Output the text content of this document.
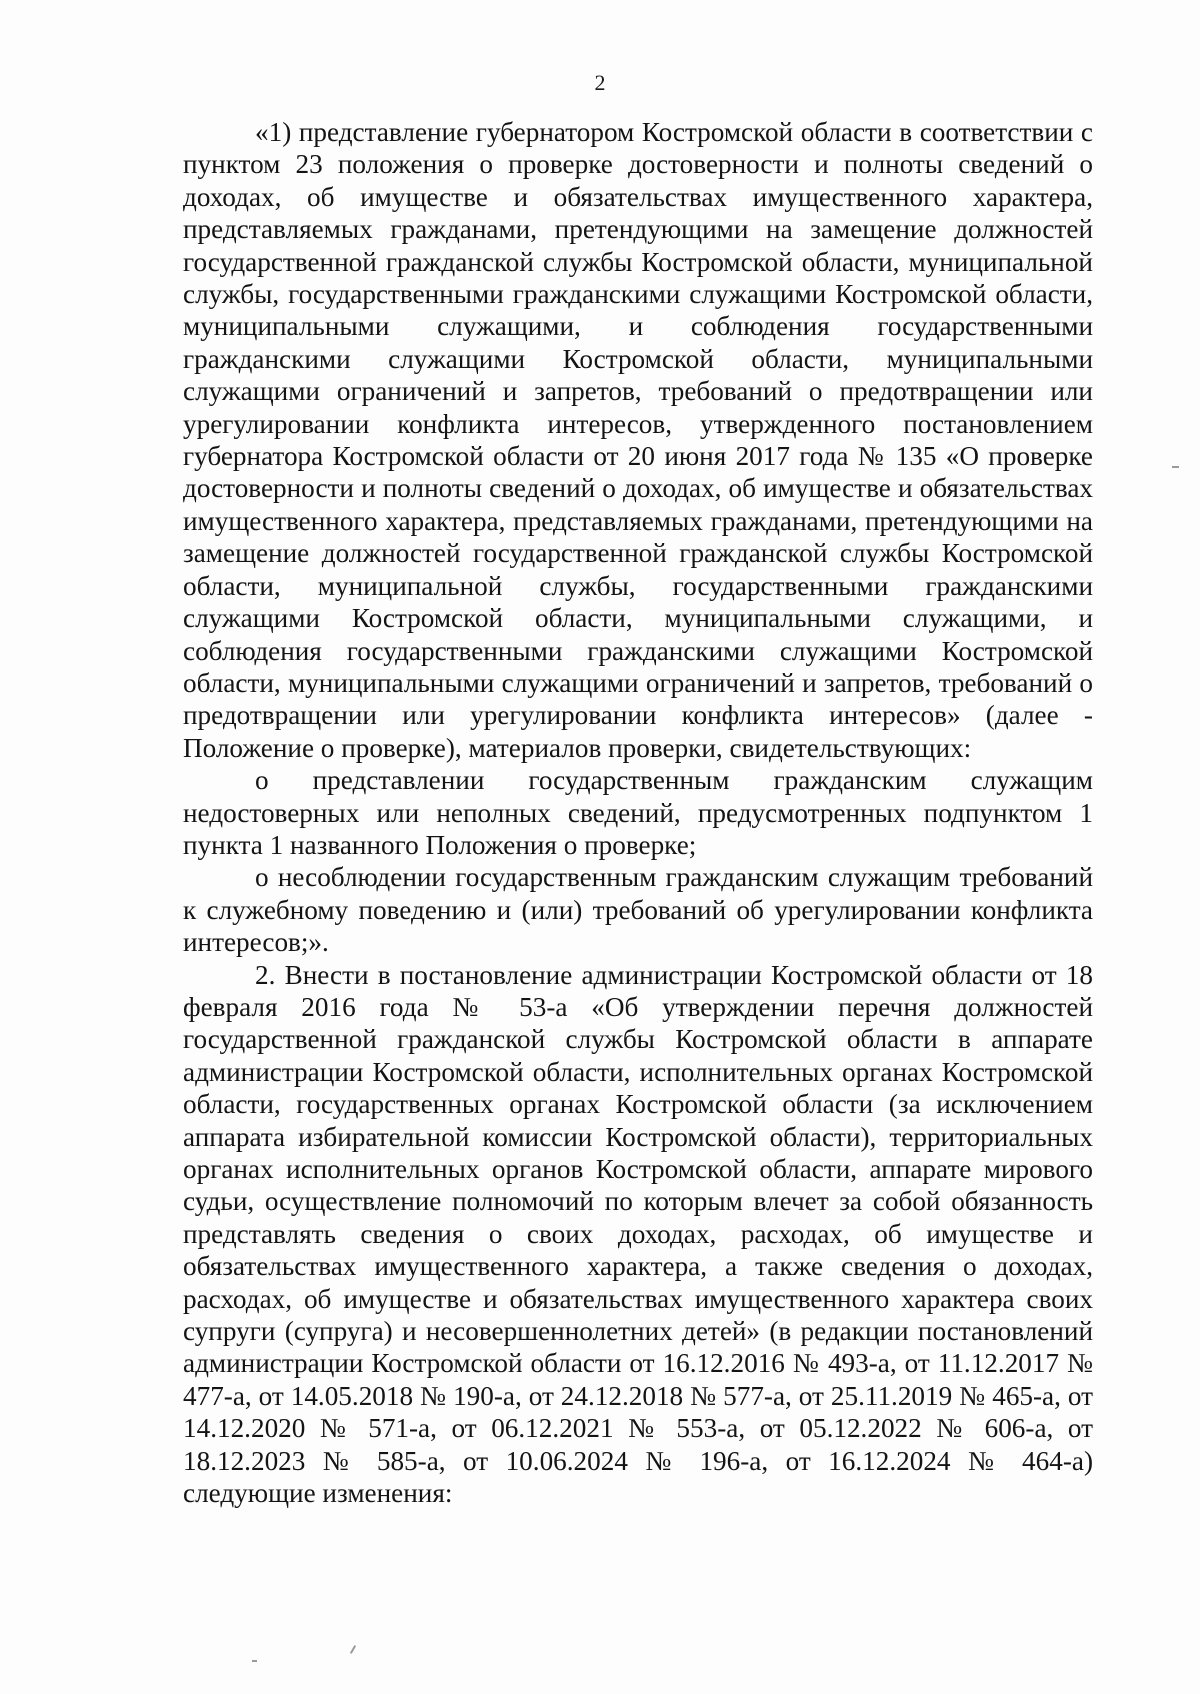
2

«1) представление губернатором Костромской области в соответствии с пунктом 23 положения о проверке достоверности и полноты сведений о доходах, об имуществе и обязательствах имущественного характера, представляемых гражданами, претендующими на замещение должностей государственной гражданской службы Костромской области, муниципальной службы, государственными гражданскими служащими Костромской области, муниципальными служащими, и соблюдения государственными гражданскими служащими Костромской области, муниципальными служащими ограничений и запретов, требований о предотвращении или урегулировании конфликта интересов, утвержденного постановлением губернатора Костромской области от 20 июня 2017 года № 135 «О проверке достоверности и полноты сведений о доходах, об имуществе и обязательствах имущественного характера, представляемых гражданами, претендующими на замещение должностей государственной гражданской службы Костромской области, муниципальной службы, государственными гражданскими служащими Костромской области, муниципальными служащими, и соблюдения государственными гражданскими служащими Костромской области, муниципальными служащими ограничений и запретов, требований о предотвращении или урегулировании конфликта интересов» (далее - Положение о проверке), материалов проверки, свидетельствующих:

о представлении государственным гражданским служащим недостоверных или неполных сведений, предусмотренных подпунктом 1 пункта 1 названного Положения о проверке;

о несоблюдении государственным гражданским служащим требований к служебному поведению и (или) требований об урегулировании конфликта интересов;».

2. Внести в постановление администрации Костромской области от 18 февраля 2016 года № 53-а «Об утверждении перечня должностей государственной гражданской службы Костромской области в аппарате администрации Костромской области, исполнительных органах Костромской области, государственных органах Костромской области (за исключением аппарата избирательной комиссии Костромской области), территориальных органах исполнительных органов Костромской области, аппарате мирового судьи, осуществление полномочий по которым влечет за собой обязанность представлять сведения о своих доходах, расходах, об имуществе и обязательствах имущественного характера, а также сведения о доходах, расходах, об имуществе и обязательствах имущественного характера своих супруги (супруга) и несовершеннолетних детей» (в редакции постановлений администрации Костромской области от 16.12.2016 № 493-а, от 11.12.2017 № 477-а, от 14.05.2018 № 190-а, от 24.12.2018 № 577-а, от 25.11.2019 № 465-а, от 14.12.2020 № 571-а, от 06.12.2021 № 553-а, от 05.12.2022 № 606-а, от 18.12.2023 № 585-а, от 10.06.2024 № 196-а, от 16.12.2024 № 464-а) следующие изменения:
